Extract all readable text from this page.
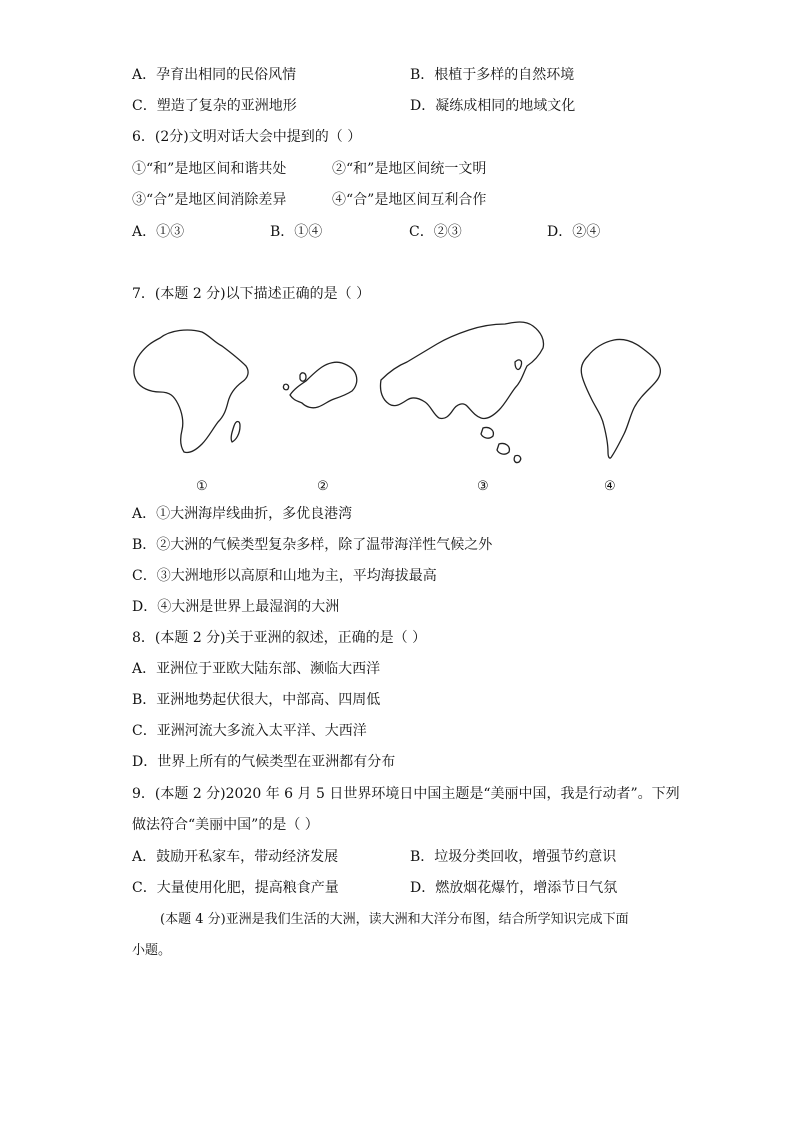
A．孕育出相同的民俗风情	B．根植于多样的自然环境
C．塑造了复杂的亚洲地形	D．凝练成相同的地域文化
6．(2分)文明对话大会中提到的（ ）
①“和”是地区间和谐共处	②“和”是地区间统一文明
③“合”是地区间消除差异	④“合”是地区间互利合作
A．①③	B．①④	C．②③	D．②④
7．(本题 2 分)以下描述正确的是（ ）
①	②	③	④
A．①大洲海岸线曲折，多优良港湾
B．②大洲的气候类型复杂多样，除了温带海洋性气候之外
C．③大洲地形以高原和山地为主，平均海拔最高
D．④大洲是世界上最湿润的大洲
8．(本题 2 分)关于亚洲的叙述，正确的是（ ）
A．亚洲位于亚欧大陆东部、濒临大西洋
B．亚洲地势起伏很大，中部高、四周低
C．亚洲河流大多流入太平洋、大西洋
D．世界上所有的气候类型在亚洲都有分布
9．(本题 2 分)2020 年 6 月 5 日世界环境日中国主题是“美丽中国，我是行动者”。下列
做法符合“美丽中国”的是（ ）
A．鼓励开私家车，带动经济发展	B．垃圾分类回收，增强节约意识
C．大量使用化肥，提高粮食产量	D．燃放烟花爆竹，增添节日气氛
(本题 4 分)亚洲是我们生活的大洲，读大洲和大洋分布图，结合所学知识完成下面
小题。
